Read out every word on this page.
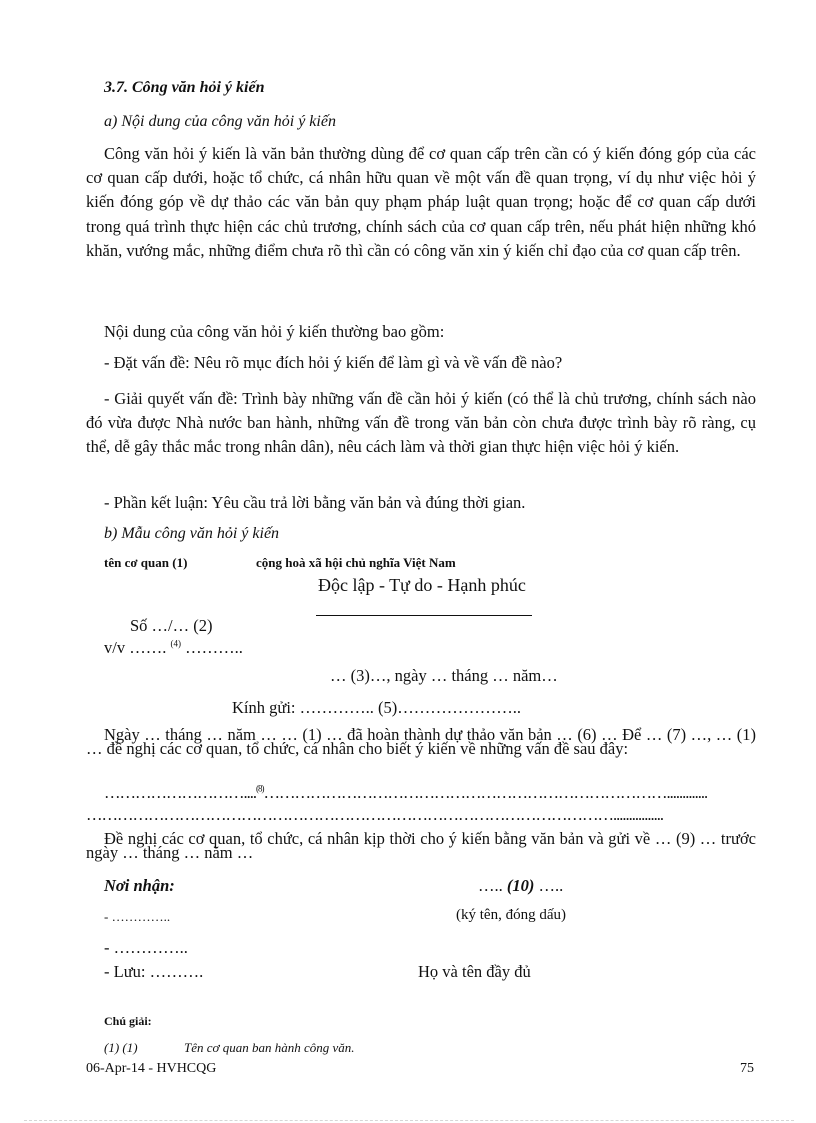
3.7. Công văn hỏi ý kiến
a) Nội dung của công văn hỏi ý kiến
Công văn hỏi ý kiến là văn bản thường dùng để cơ quan cấp trên cần có ý kiến đóng góp của các cơ quan cấp dưới, hoặc tổ chức, cá nhân hữu quan về một vấn đề quan trọng, ví dụ như việc hỏi ý kiến đóng góp về dự thảo các văn bản quy phạm pháp luật quan trọng; hoặc để cơ quan cấp dưới trong quá trình thực hiện các chủ trương, chính sách của cơ quan cấp trên, nếu phát hiện những khó khăn, vướng mắc, những điểm chưa rõ thì cần có công văn xin ý kiến chỉ đạo của cơ quan cấp trên.
Nội dung của công văn hỏi ý kiến thường bao gồm:
- Đặt vấn đề: Nêu rõ mục đích hỏi ý kiến để làm gì và về vấn đề nào?
- Giải quyết vấn đề: Trình bày những vấn đề cần hỏi ý kiến (có thể là chủ trương, chính sách nào đó vừa được Nhà nước ban hành, những vấn đề trong văn bản còn chưa được trình bày rõ ràng, cụ thể, dễ gây thắc mắc trong nhân dân), nêu cách làm và thời gian thực hiện việc hỏi ý kiến.
- Phần kết luận: Yêu cầu trả lời bằng văn bản và đúng thời gian.
b) Mẫu công văn hỏi ý kiến
tên cơ quan (1)	cộng hoà xã hội chủ nghĩa Việt Nam
Độc lập - Tự do - Hạnh phúc
Số …/… (2)
v/v ……. $^{(4)}$ ………..
… (3)…, ngày … tháng … năm…
Kính gửi: ………….. (5)…………………..
Ngày … tháng … năm … … (1) … đã hoàn thành dự thảo văn bản … (6) … Để … (7) …, … (1) … đề nghị các cơ quan, tổ chức, cá nhân cho biết ý kiến về những vấn đề sau đây:
………………………....$^{(8)}$…………………………………………………………………….............
…………………………………………………………………………………………................
Đề nghị các cơ quan, tổ chức, cá nhân kịp thời cho ý kiến bằng văn bản và gửi về … (9) … trước ngày … tháng … năm …
Nơi nhận:	….. (10) …..
- …………..	(ký tên, đóng dấu)
- …………..
- Lưu: ……….	Họ và tên đầy đủ
Chú giải:
(1) (1)	Tên cơ quan ban hành công văn.
06-Apr-14 - HVHCQG	75
